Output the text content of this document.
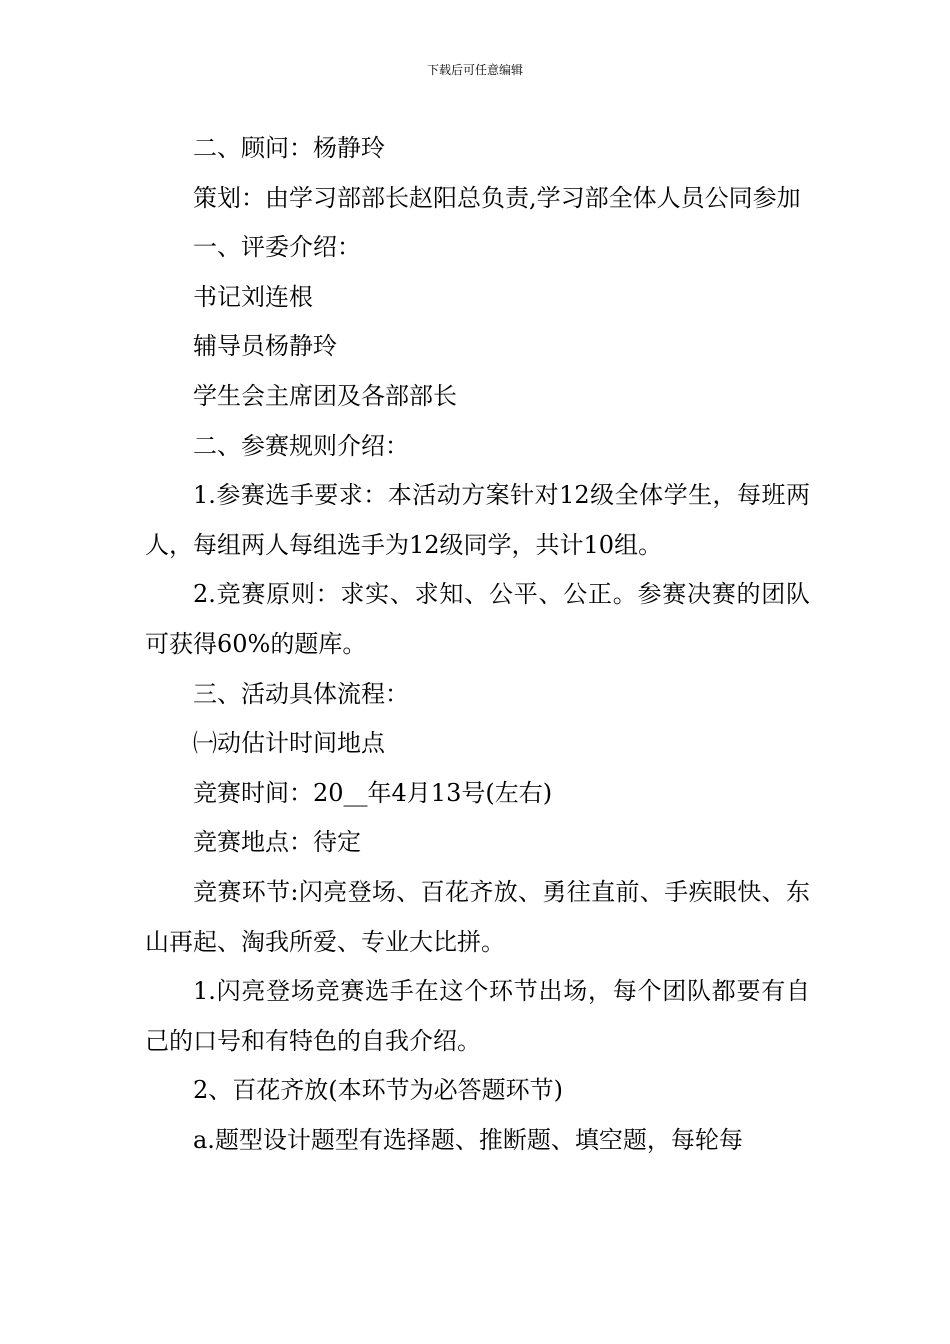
下载后可任意编辑

二、顾问：杨静玲

策划：由学习部部长赵阳总负责,学习部全体人员公同参加

一、评委介绍：

书记刘连根

辅导员杨静玲

学生会主席团及各部部长

二、参赛规则介绍：

1.参赛选手要求：本活动方案针对12级全体学生，每班两人，每组两人每组选手为12级同学，共计10组。

2.竞赛原则：求实、求知、公平、公正。参赛决赛的团队可获得60%的题库。

三、活动具体流程：

㈠动估计时间地点

竞赛时间：20__年4月13号(左右)

竞赛地点：待定

竞赛环节:闪亮登场、百花齐放、勇往直前、手疾眼快、东山再起、淘我所爱、专业大比拼。

1.闪亮登场竞赛选手在这个环节出场，每个团队都要有自己的口号和有特色的自我介绍。

2、百花齐放(本环节为必答题环节)

a.题型设计题型有选择题、推断题、填空题，每轮每
